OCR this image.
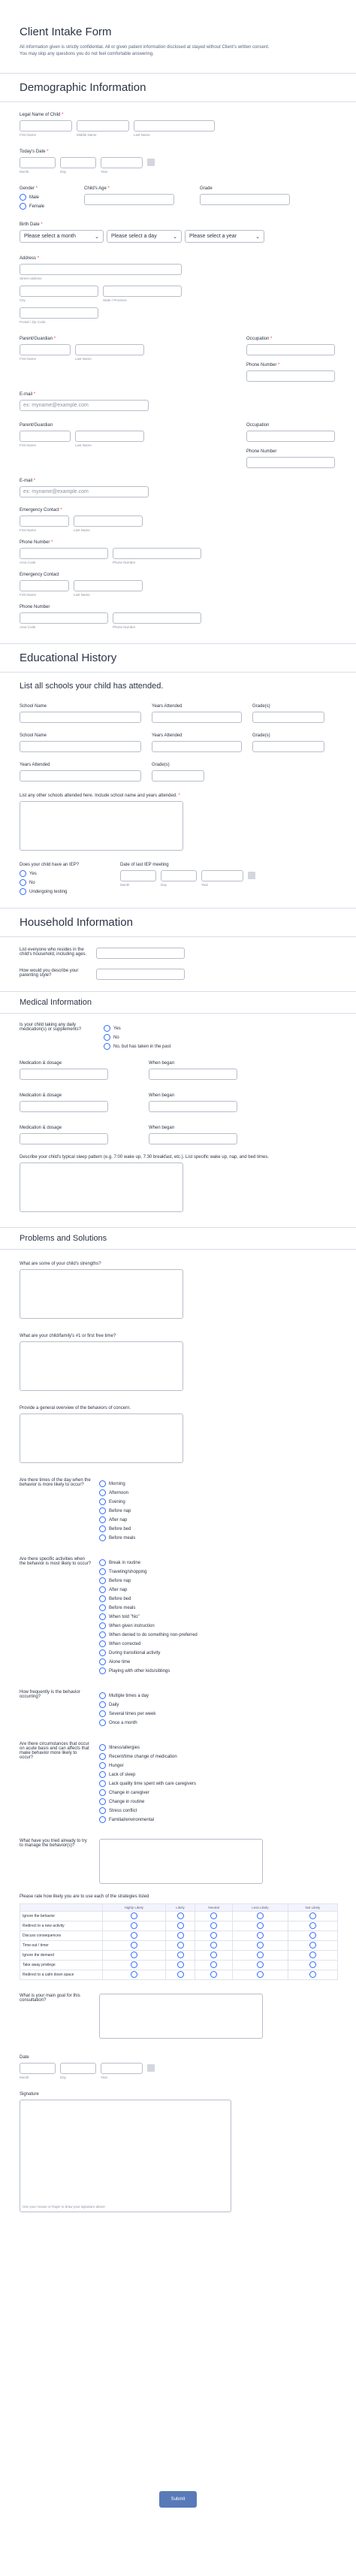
Client Intake Form

All information given is strictly confidential. All or given patient information disclosed at stayed without Client's written consent.
You may skip any questions you do not feel comfortable answering.

Demographic Information
Legal Name of Child *
First Name	Middle Name	Last Name
Today's Date *
Month	Day	Year
Gender *
Male
Female
Child's Age *	Grade
Birth Date *
Please select a month	⌄ Please select a day	⌄ Please select a year	⌄
Address *
Street Address
City	State / Province
Postal / Zip Code
Parent/Guardian *
First Name	Last Name
Occupation *
Phone Number *
E-mail *
ex: myname@example.com
Parent/Guardian
First Name	Last Name
Occupation
Phone Number
E-mail *
ex: myname@example.com
Emergency Contact *
First Name	Last Name
Phone Number *
Area Code	Phone Number
Emergency Contact
First Name	Last Name
Phone Number
Area Code	Phone Number
Educational History
List all schools your child has attended.
School Name	Years Attended	Grade(s)
School Name	Years Attended	Grade(s)
Years Attended	Grade(s)
List any other schools attended here. Include school name and years attended. *
Does your child have an IEP?
Yes
No
Undergoing testing
Date of last IEP meeting
Month	Day	Year
Household Information
List everyone who resides in the child's household, including ages.
How would you describe your parenting style?
Medical Information
Is your child taking any daily medication(s) or supplements?	Yes
No
No, but has taken in the past
Medication & dosage	When began
Medication & dosage	When began
Medication & dosage	When began
Describe your child's typical sleep pattern (e.g. 7:00 wake up, 7:30 breakfast, etc.). List specific wake up, nap, and bed times.
Problems and Solutions
What are some of your child's strengths?
What are your child/family's #1 or first free time?
Provide a general overview of the behaviors of concern.
Are there times of the day when the behavior is more likely to occur?	Morning
Afternoon
Evening
Before nap
After nap
Before bed
Before meals
Are there specific activities when the behavior is most likely to occur?	Break in routine
Traveling/shopping
Before nap
After nap
Before bed
Before meals
When told "No"
When given instruction
When denied to do something non-preferred
When corrected
During transitional activity
Alone time
Playing with other kids/siblings
How frequently is the behavior occurring?	Multiple times a day
Daily
Several times per week
Once a month
Are there circumstances that occur on acute basis and can affects that make behavior more likely to occur?
Illness/allergies
Recent/time change of medication
Hunger
Lack of sleep
Lack quality time spent with care caregivers
Change in caregiver
Change in routine
Stress conflict
Familial/environmental
What have you tried already to try to manage the behavior(s)?
Please rate how likely you are to use each of the strategies listed
	Highly Likely	Likely	Neutral	Less Likely	Not Likely
Ignore the behavior					
Redirect to a new activity					
Discuss consequences					
Time-out / timer					
Ignore the demand					
Take away privilege					
Redirect to a calm down space					
What is your main goal for this consultation?
Date
Month	Day	Year
Signature
Use your mouse or finger to draw your signature above
Submit
